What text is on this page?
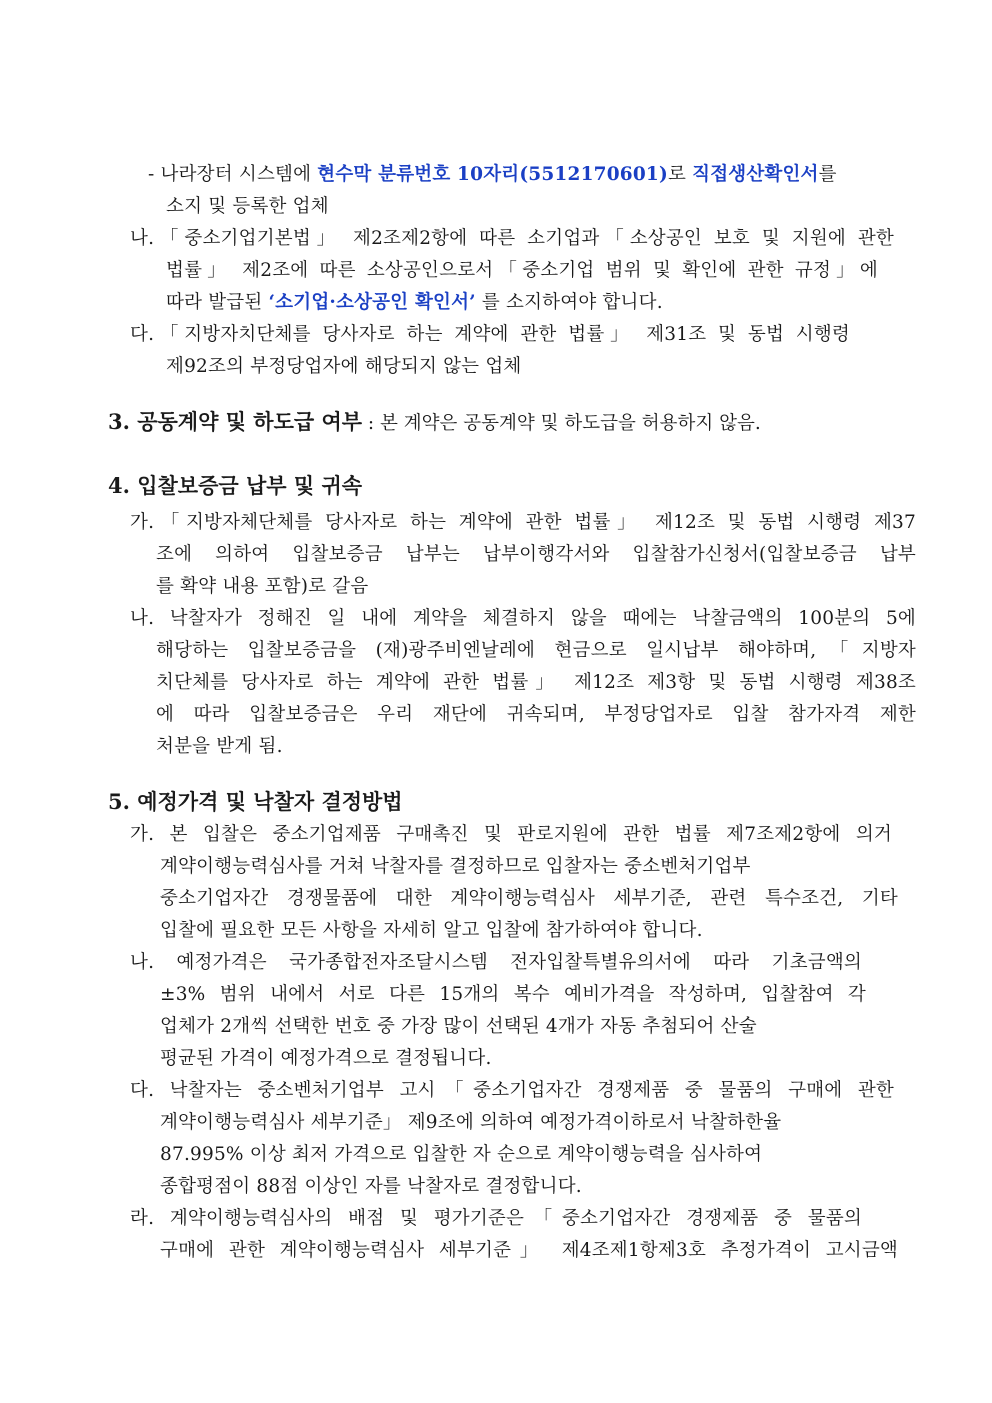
- 나라장터 시스템에 현수막 분류번호 10자리(5512170601)로 직접생산확인서를
소지 및 등록한 업체
나.「중소기업기본법」 제2조제2항에 따른 소기업과「소상공인 보호 및 지원에 관한
법률」 제2조에 따른 소상공인으로서「중소기업 범위 및 확인에 관한 규정」에
따라 발급된 ‘소기업·소상공인 확인서’ 를 소지하여야 합니다.
다.「지방자치단체를 당사자로 하는 계약에 관한 법률」 제31조 및 동법 시행령
제92조의 부정당업자에 해당되지 않는 업체
3. 공동계약 및 하도급 여부 : 본 계약은 공동계약 및 하도급을 허용하지 않음.
4. 입찰보증금 납부 및 귀속
가.「지방자체단체를 당사자로 하는 계약에 관한 법률」 제12조 및 동법 시행령 제37
조에 의하여 입찰보증금 납부는 납부이행각서와 입찰참가신청서(입찰보증금 납부
를 확약 내용 포함)로 갈음
나. 낙찰자가 정해진 일 내에 계약을 체결하지 않을 때에는 낙찰금액의 100분의 5에
해당하는 입찰보증금을 (재)광주비엔날레에 현금으로 일시납부 해야하며,「지방자
치단체를 당사자로 하는 계약에 관한 법률」 제12조 제3항 및 동법 시행령 제38조
에 따라 입찰보증금은 우리 재단에 귀속되며, 부정당업자로 입찰 참가자격 제한
처분을 받게 됨.
5. 예정가격 및 낙찰자 결정방법
가. 본 입찰은 중소기업제품 구매촉진 및 판로지원에 관한 법률 제7조제2항에 의거
계약이행능력심사를 거쳐 낙찰자를 결정하므로 입찰자는 중소벤처기업부
중소기업자간 경쟁물품에 대한 계약이행능력심사 세부기준, 관련 특수조건, 기타
입찰에 필요한 모든 사항을 자세히 알고 입찰에 참가하여야 합니다.
나. 예정가격은 국가종합전자조달시스템 전자입찰특별유의서에 따라 기초금액의
±3% 범위 내에서 서로 다른 15개의 복수 예비가격을 작성하며, 입찰참여 각
업체가 2개씩 선택한 번호 중 가장 많이 선택된 4개가 자동 추첨되어 산술
평균된 가격이 예정가격으로 결정됩니다.
다. 낙찰자는 중소벤처기업부 고시「중소기업자간 경쟁제품 중 물품의 구매에 관한
계약이행능력심사 세부기준」 제9조에 의하여 예정가격이하로서 낙찰하한율
87.995% 이상 최저 가격으로 입찰한 자 순으로 계약이행능력을 심사하여
종합평점이 88점 이상인 자를 낙찰자로 결정합니다.
라. 계약이행능력심사의 배점 및 평가기준은「중소기업자간 경쟁제품 중 물품의
구매에 관한 계약이행능력심사 세부기준」 제4조제1항제3호 추정가격이 고시금액
